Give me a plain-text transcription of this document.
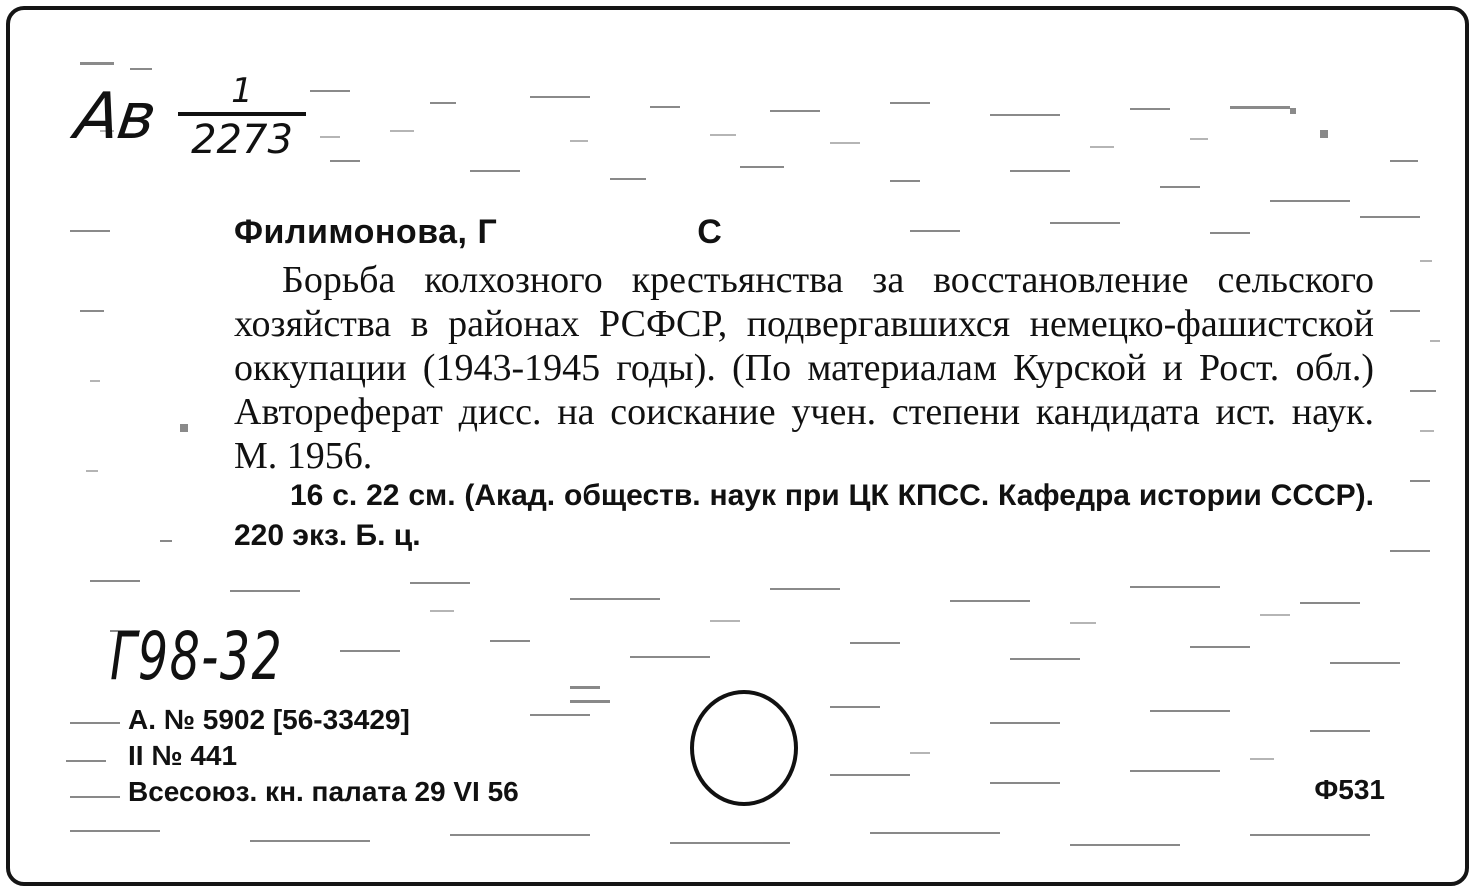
Ав	1
2273
Филимонова, Г	С
Борьба колхозного крестьянства за восстановление сельского хозяйства в районах РСФСР, подвергавшихся немецко-фашистской оккупации (1943-1945 годы). (По материалам Курской и Рост. обл.) Автореферат дисс. на соискание учен. степени кандидата ист. наук. М. 1956.
16 с. 22 см. (Акад. обществ. наук при ЦК КПСС. Кафедра истории СССР). 220 экз. Б. ц.
Г98-32
А. № 5902 [56-33429]
II № 441
Всесоюз. кн. палата 29 VI 56	Ф531
